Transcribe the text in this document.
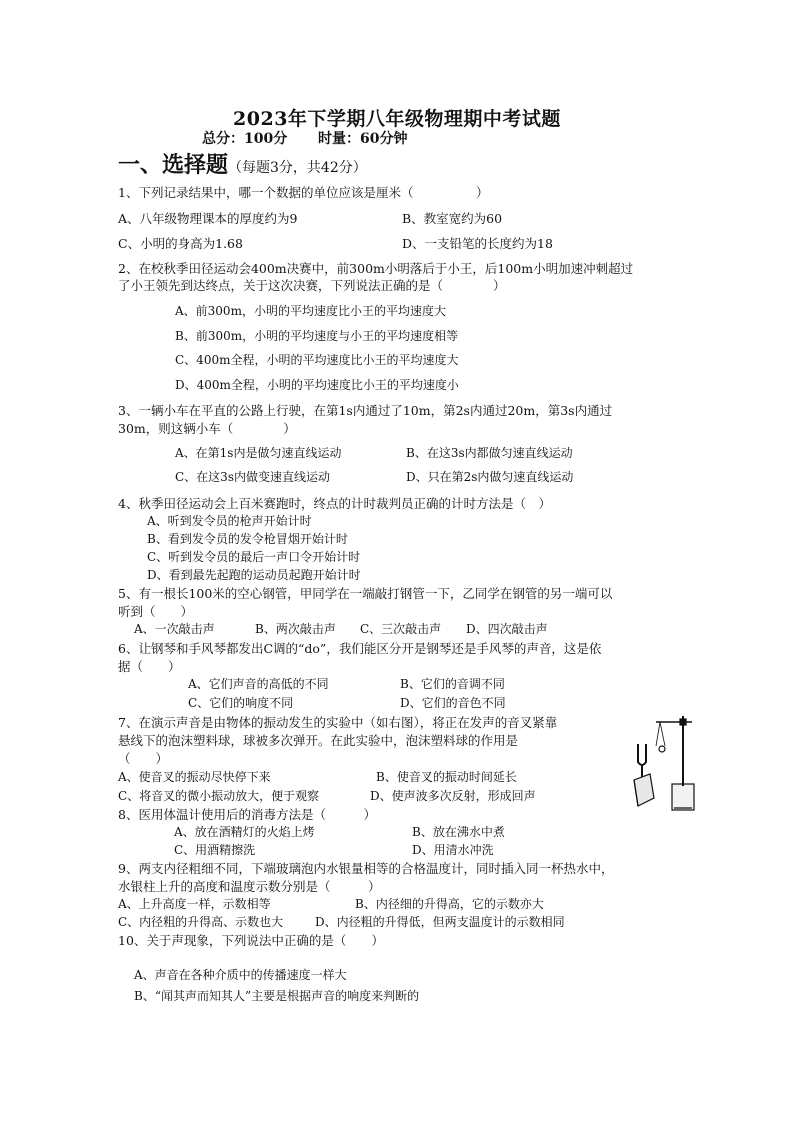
2023年下学期八年级物理期中考试题
总分：100分 时量：60分钟
一、选择题（每题3分，共42分）
1、下列记录结果中，哪一个数据的单位应该是厘米（　　　　　）
A、八年级物理课本的厚度约为9	B、教室宽约为60
C、小明的身高为1.68	D、一支铅笔的长度约为18
2、在校秋季田径运动会400m决赛中，前300m小明落后于小王，后100m小明加速冲刺超过
了小王领先到达终点，关于这次决赛，下列说法正确的是（　　　　）
A、前300m，小明的平均速度比小王的平均速度大
B、前300m，小明的平均速度与小王的平均速度相等
C、400m全程，小明的平均速度比小王的平均速度大
D、400m全程，小明的平均速度比小王的平均速度小
3、一辆小车在平直的公路上行驶，在第1s内通过了10m，第2s内通过20m，第3s内通过
30m，则这辆小车（　　　　）
A、在第1s内是做匀速直线运动	B、在这3s内都做匀速直线运动
C、在这3s内做变速直线运动	D、只在第2s内做匀速直线运动
4、秋季田径运动会上百米赛跑时，终点的计时裁判员正确的计时方法是（　）
A、听到发令员的枪声开始计时
B、看到发令员的发令枪冒烟开始计时
C、听到发令员的最后一声口令开始计时
D、看到最先起跑的运动员起跑开始计时
5、有一根长100米的空心钢管，甲同学在一端敲打钢管一下，乙同学在钢管的另一端可以
听到（　　）
A、一次敲击声	B、两次敲击声 C、三次敲击声 D、四次敲击声
6、让钢琴和手风琴都发出C调的“do”，我们能区分开是钢琴还是手风琴的声音，这是依
据（　　）
A、它们声音的高低的不同	B、它们的音调不同
C、它们的响度不同	D、它们的音色不同
7、在演示声音是由物体的振动发生的实验中（如右图），将正在发声的音叉紧靠
悬线下的泡沫塑料球，球被多次弹开。在此实验中，泡沫塑料球的作用是
（　　）
A、使音叉的振动尽快停下来	B、使音叉的振动时间延长
C、将音叉的微小振动放大，便于观察	D、使声波多次反射，形成回声
8、医用体温计使用后的消毒方法是（　　　）
A、放在酒精灯的火焰上烤	B、放在沸水中煮
C、用酒精擦洗	D、用清水冲洗
9、两支内径粗细不同，下端玻璃泡内水银量相等的合格温度计，同时插入同一杯热水中，
水银柱上升的高度和温度示数分别是（　　　）
A、上升高度一样，示数相等	B、内径细的升得高，它的示数亦大
C、内径粗的升得高、示数也大	D、内径粗的升得低，但两支温度计的示数相同
10、关于声现象，下列说法中正确的是（　　）
A、声音在各种介质中的传播速度一样大
B、“闻其声而知其人”主要是根据声音的响度来判断的
